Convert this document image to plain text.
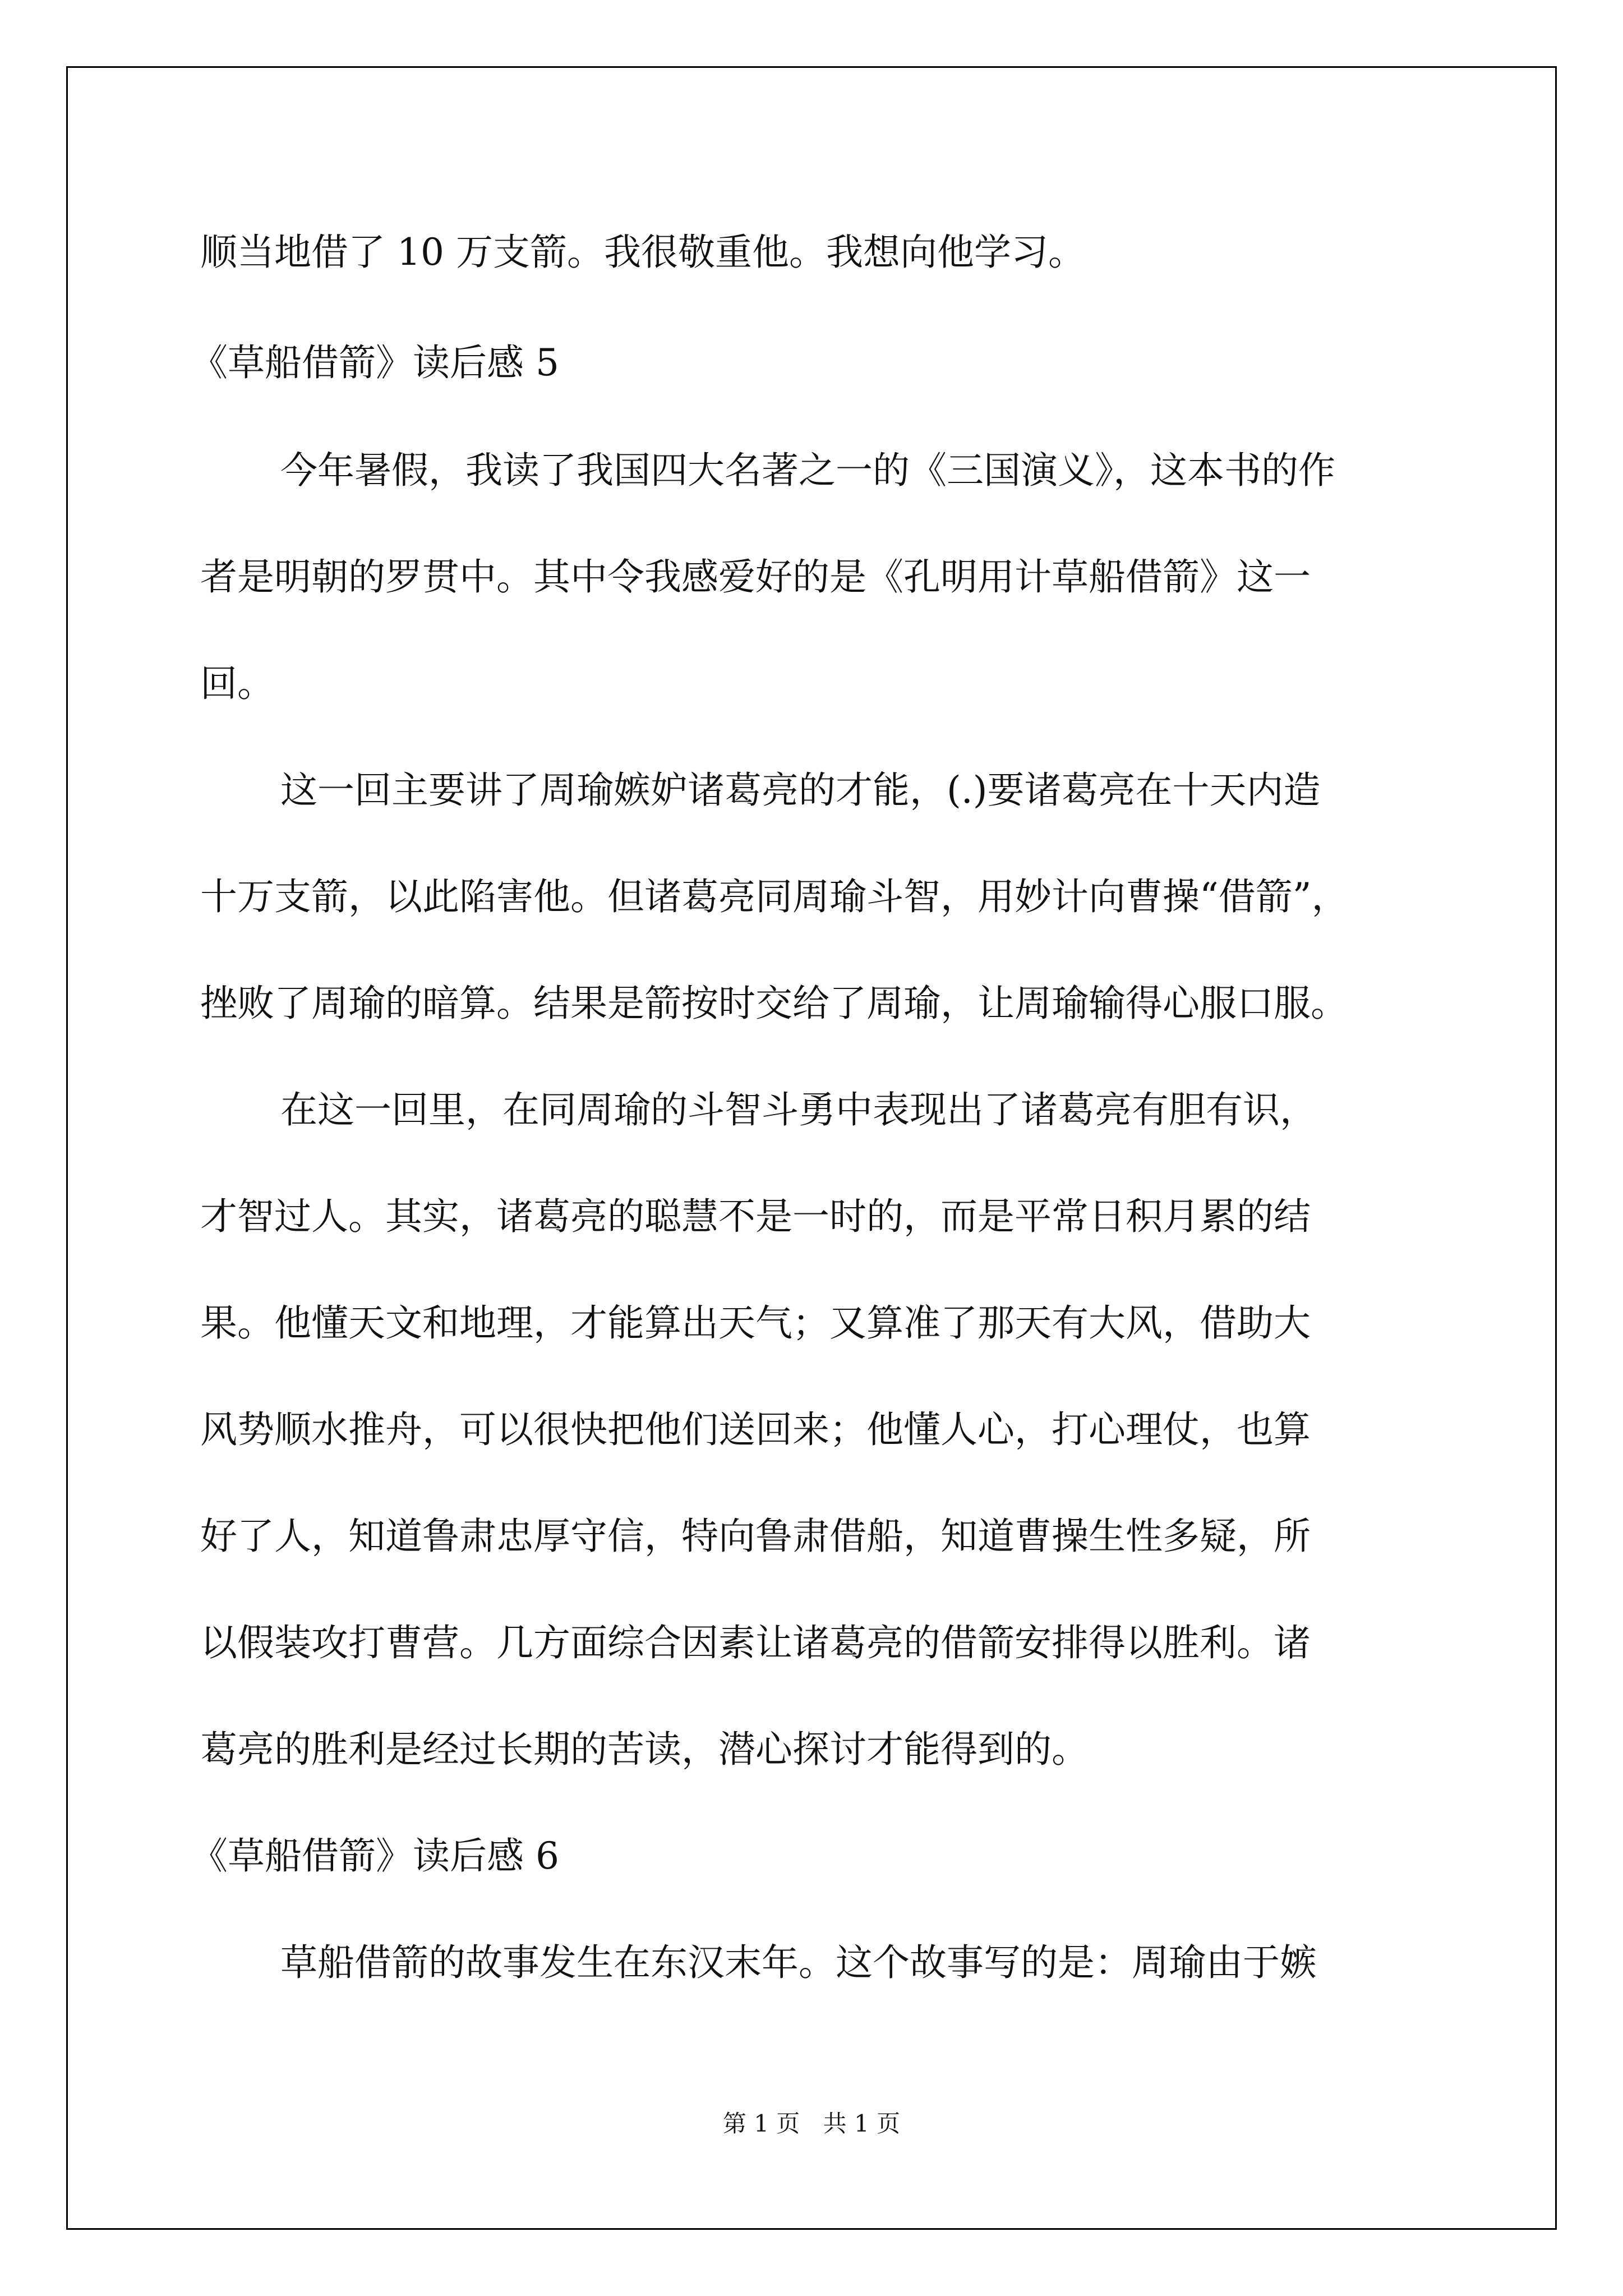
顺当地借了 10 万支箭。我很敬重他。我想向他学习。

《草船借箭》读后感 5

今年暑假，我读了我国四大名著之一的《三国演义》，这本书的作

者是明朝的罗贯中。其中令我感爱好的是《孔明用计草船借箭》这一

回。

这一回主要讲了周瑜嫉妒诸葛亮的才能，(.)要诸葛亮在十天内造

十万支箭，以此陷害他。但诸葛亮同周瑜斗智，用妙计向曹操“借箭”，

挫败了周瑜的暗算。结果是箭按时交给了周瑜，让周瑜输得心服口服。

在这一回里，在同周瑜的斗智斗勇中表现出了诸葛亮有胆有识，

才智过人。其实，诸葛亮的聪慧不是一时的，而是平常日积月累的结

果。他懂天文和地理，才能算出天气；又算准了那天有大风，借助大

风势顺水推舟，可以很快把他们送回来；他懂人心，打心理仗，也算

好了人，知道鲁肃忠厚守信，特向鲁肃借船，知道曹操生性多疑，所

以假装攻打曹营。几方面综合因素让诸葛亮的借箭安排得以胜利。诸

葛亮的胜利是经过长期的苦读，潜心探讨才能得到的。

《草船借箭》读后感 6

草船借箭的故事发生在东汉末年。这个故事写的是：周瑜由于嫉

第 1 页 共 1 页
